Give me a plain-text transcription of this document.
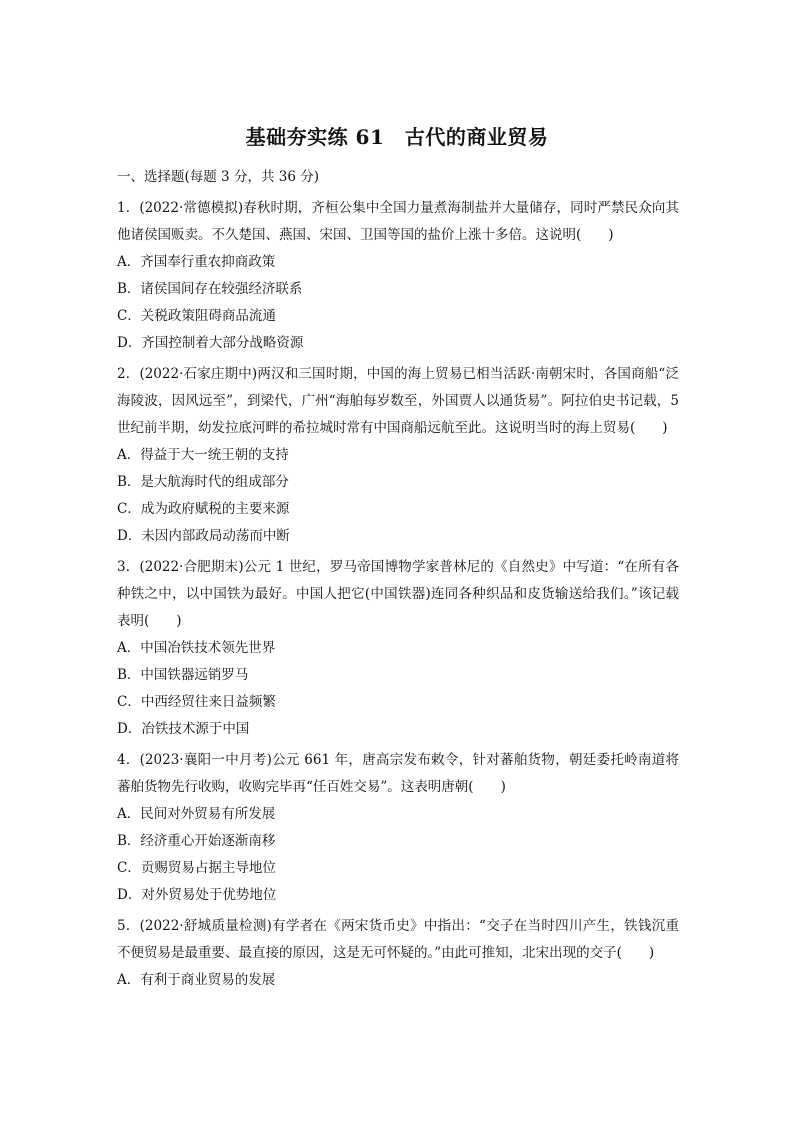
基础夯实练 61　古代的商业贸易

一、选择题(每题 3 分，共 36 分)

1．(2022·常德模拟)春秋时期，齐桓公集中全国力量煮海制盐并大量储存，同时严禁民众向其他诸侯国贩卖。不久楚国、燕国、宋国、卫国等国的盐价上涨十多倍。这说明(　　)

A．齐国奉行重农抑商政策

B．诸侯国间存在较强经济联系

C．关税政策阻碍商品流通

D．齐国控制着大部分战略资源

2．(2022·石家庄期中)两汉和三国时期，中国的海上贸易已相当活跃·南朝宋时，各国商船“泛海陵波，因风远至”，到梁代，广州“海舶每岁数至，外国贾人以通货易”。阿拉伯史书记载，5世纪前半期，幼发拉底河畔的希拉城时常有中国商船远航至此。这说明当时的海上贸易(　　)

A．得益于大一统王朝的支持

B．是大航海时代的组成部分

C．成为政府赋税的主要来源

D．未因内部政局动荡而中断

3．(2022·合肥期末)公元 1 世纪，罗马帝国博物学家普林尼的《自然史》中写道：“在所有各种铁之中，以中国铁为最好。中国人把它(中国铁器)连同各种织品和皮货输送给我们。”该记载表明(　　)

A．中国冶铁技术领先世界

B．中国铁器远销罗马

C．中西经贸往来日益频繁

D．冶铁技术源于中国

4．(2023·襄阳一中月考)公元 661 年，唐高宗发布敕令，针对蕃舶货物，朝廷委托岭南道将蕃舶货物先行收购，收购完毕再“任百姓交易”。这表明唐朝(　　)

A．民间对外贸易有所发展

B．经济重心开始逐渐南移

C．贡赐贸易占据主导地位

D．对外贸易处于优势地位

5．(2022·舒城质量检测)有学者在《两宋货币史》中指出：“交子在当时四川产生，铁钱沉重不便贸易是最重要、最直接的原因，这是无可怀疑的。”由此可推知，北宋出现的交子(　　)

A．有利于商业贸易的发展
